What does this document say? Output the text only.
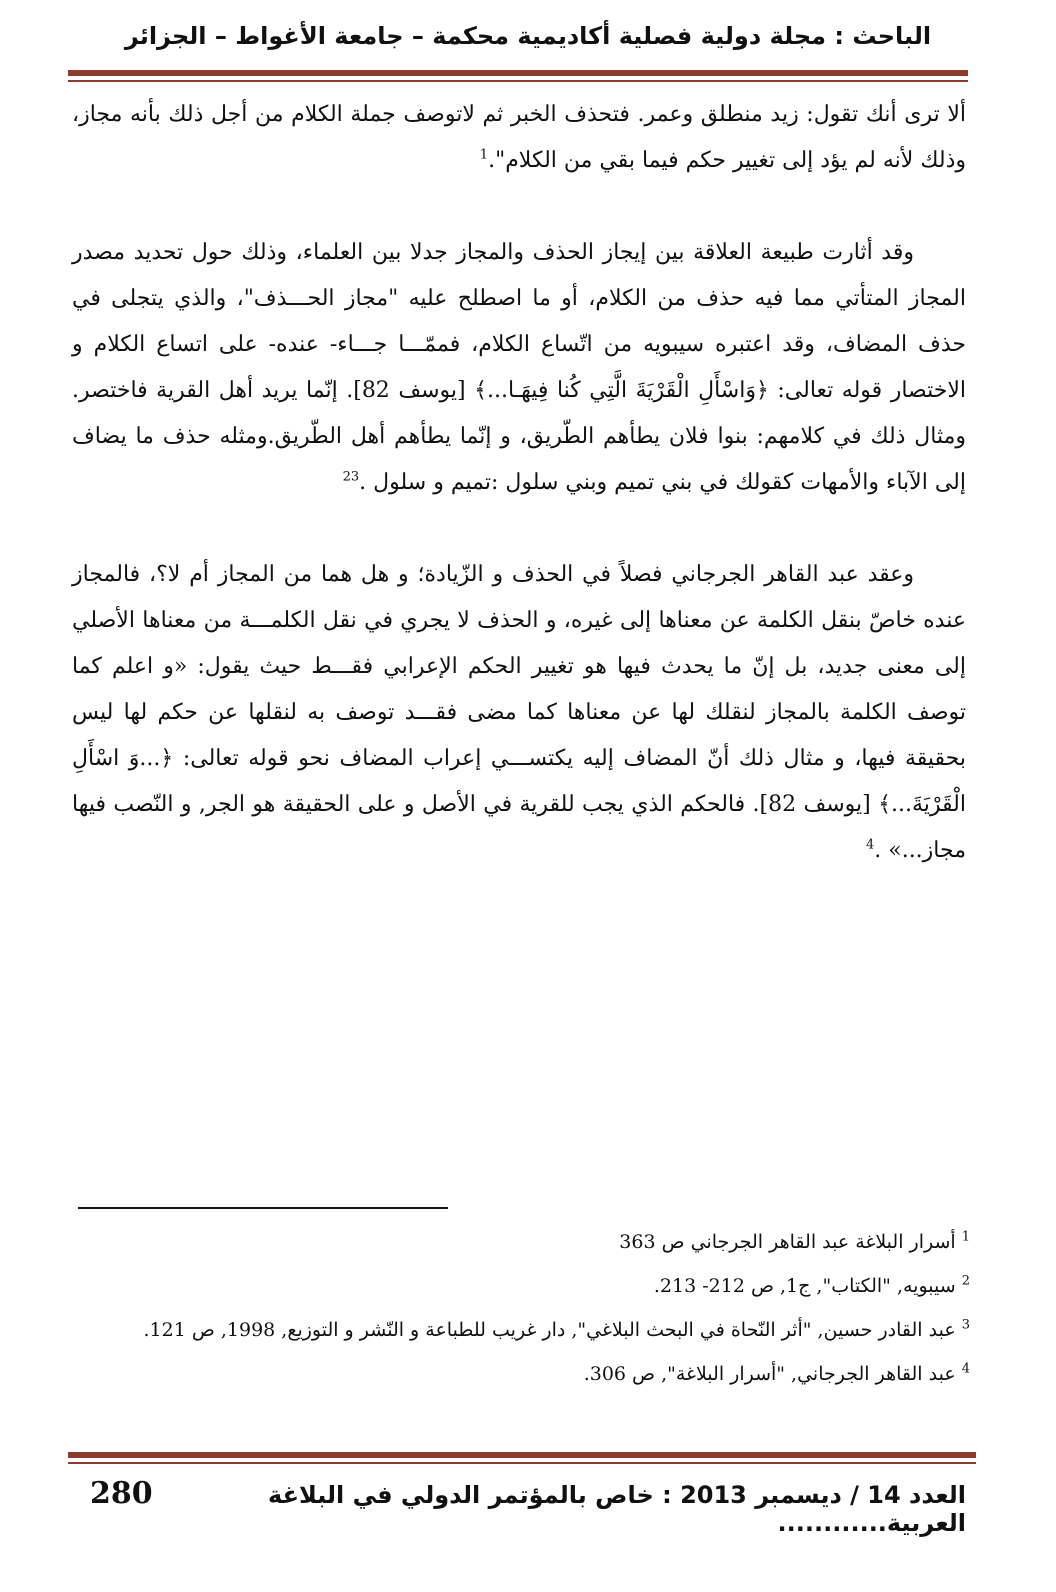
الباحث : مجلة دولية فصلية أكاديمية محكمة – جامعة الأغواط – الجزائر

ألا ترى أنك تقول: زيد منطلق وعمر. فتحذف الخبر ثم لاتوصف جملة الكلام من أجل ذلك بأنه مجاز، وذلك لأنه لم يؤد إلى تغيير حكم فيما بقي من الكلام".$^1$

وقد أثارت طبيعة العلاقة بين إيجاز الحذف والمجاز جدلا بين العلماء، وذلك حول تحديد مصدر المجاز المتأتي مما فيه حذف من الكلام، أو ما اصطلح عليه "مجاز الحـــذف"، والذي يتجلى في حذف المضاف، وقد اعتبره سيبويه من اتّساع الكلام، فممّـــا جـــاء- عنده- على اتساع الكلام و الاختصار قوله تعالى: ﴿وَاسْأَلِ الْقَرْيَةَ الَّتِي كُنا فِيهَـا...﴾ [يوسف 82]. إنّما يريد أهل القرية فاختصر. ومثال ذلك في كلامهم: بنوا فلان يطأهم الطّريق، و إنّما يطأهم أهل الطّريق.ومثله حذف ما يضاف إلى الآباء والأمهات كقولك في بني تميم وبني سلول :تميم و سلول .$^{23}$

وعقد عبد القاهر الجرجاني فصلاً في الحذف و الزّيادة؛ و هل هما من المجاز أم لا؟، فالمجاز عنده خاصّ بنقل الكلمة عن معناها إلى غيره، و الحذف لا يجري في نقل الكلمـــة من معناها الأصلي إلى معنى جديد، بل إنّ ما يحدث فيها هو تغيير الحكم الإعرابي فقـــط حيث يقول: «و اعلم كما توصف الكلمة بالمجاز لنقلك لها عن معناها كما مضى فقـــد توصف به لنقلها عن حكم لها ليس بحقيقة فيها، و مثال ذلك أنّ المضاف إليه يكتســـي إعراب المضاف نحو قوله تعالى: ﴿...وَ اسْأَلِ الْقَرْيَةَ...﴾ [يوسف 82]. فالحكم الذي يجب للقرية في الأصل و على الحقيقة هو الجر, و النّصب فيها مجاز...» .$^4$

$^1$ أسرار البلاغة عبد القاهر الجرجاني ص 363
$^2$ سيبويه, "الكتاب", ج1, ص 212- 213.
$^3$ عبد القادر حسين, "أثر النّحاة في البحث البلاغي", دار غريب للطباعة و النّشر و التوزيع, 1998, ص 121.
$^4$ عبد القاهر الجرجاني, "أسرار البلاغة", ص 306.
العدد 14 / ديسمبر 2013 : خاص بالمؤتمر الدولي في البلاغة العربية............
280
